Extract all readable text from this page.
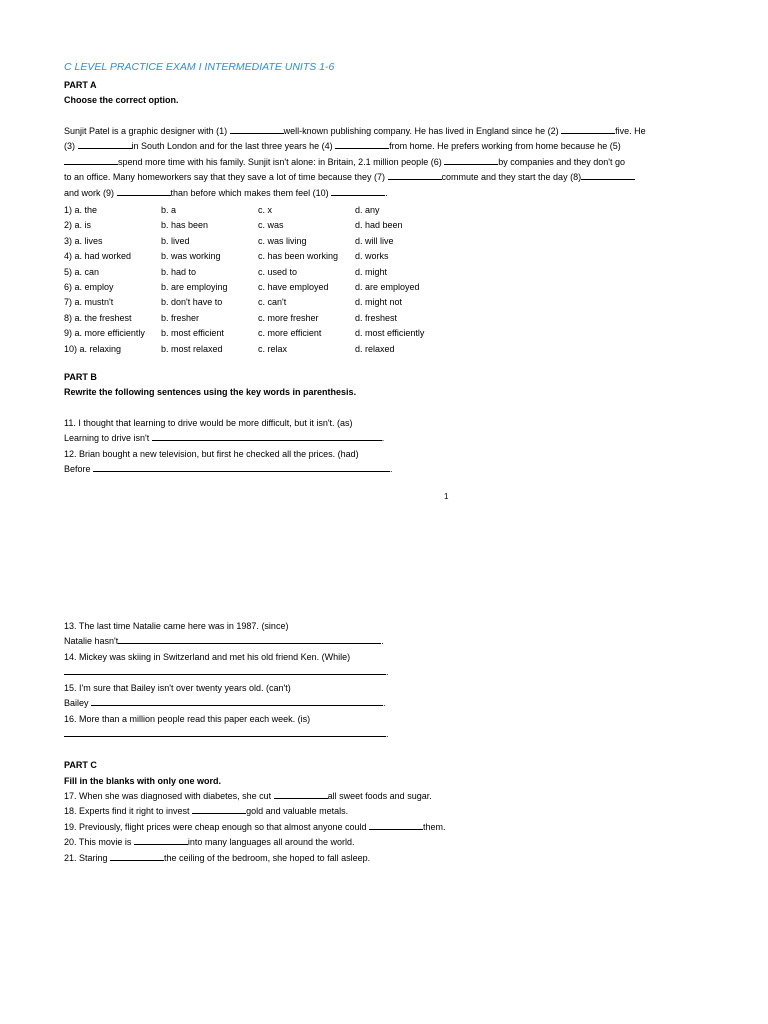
C LEVEL PRACTICE EXAM I INTERMEDIATE UNITS 1-6
PART A
Choose the correct option.
Sunjit Patel is a graphic designer with (1)	well-known publishing company. He has lived in England since he (2)	five. He
(3)	in South London and for the last three years he (4)	from home. He prefers working from home because he (5)
spend more time with his family. Sunjit isn't alone: in Britain, 2.1 million people (6)	by companies and they don't go
to an office. Many homeworkers say that they save a lot of time because they (7)	commute and they start the day (8)
and work (9)	than before which makes them feel (10)	.
1) a. the	b. a	c. x	d. any
2) a. is	b. has been	c. was	d. had been
3) a. lives	b. lived	c. was living	d. will live
4) a. had worked	b. was working	c. has been working d. works
5) a. can	b. had to	c. used to	d. might
6) a. employ	b. are employing	c. have employed	d. are employed
7) a. mustn't	b. don't have to	c. can't	d. might not
8) a. the freshest	b. fresher	c. more fresher	d. freshest
9) a. more efficiently b. most efficient	c. more efficient	d. most efficiently
10) a. relaxing	b. most relaxed	c. relax	d. relaxed
PART B
Rewrite the following sentences using the key words in parenthesis.
11. I thought that learning to drive would be more difficult, but it isn't. (as)
Learning to drive isn't	.
12. Brian bought a new television, but first he checked all the prices. (had)
Before	.
1
13. The last time Natalie came here was in 1987. (since)
Natalie hasn't	.
14. Mickey was skiing in Switzerland and met his old friend Ken. (While)
.
15. I'm sure that Bailey isn't over twenty years old. (can't)
Bailey	.
16. More than a million people read this paper each week. (is)
.
PART C
Fill in the blanks with only one word.
17. When she was diagnosed with diabetes, she cut	all sweet foods and sugar.
18. Experts find it right to invest	gold and valuable metals.
19. Previously, flight prices were cheap enough so that almost anyone could	them.
20. This movie is	into many languages all around the world.
21. Staring	the ceiling of the bedroom, she hoped to fall asleep.
